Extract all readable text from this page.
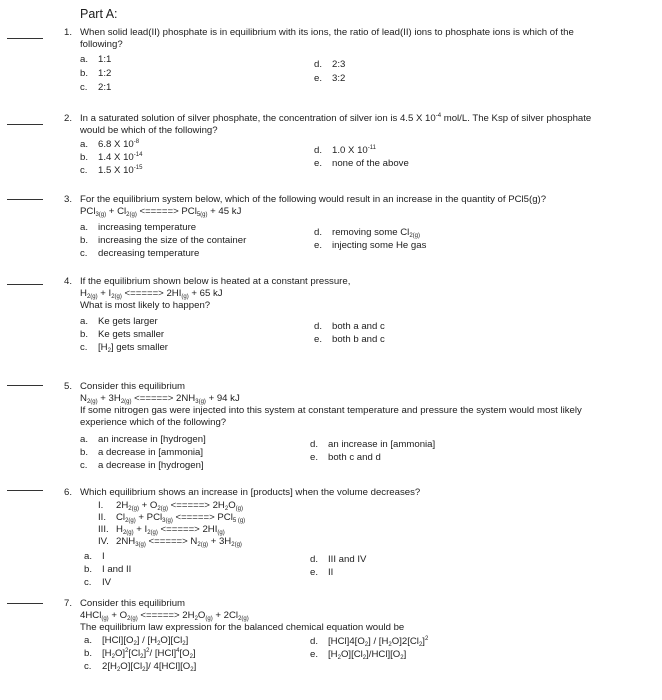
Part A:
1. When solid lead(II) phosphate is in equilibrium with its ions, the ratio of lead(II) ions to phosphate ions is which of the
following?
a. 1:1
b. 1:2
c. 2:1
d. 2:3
e. 3:2
2. In a saturated solution of silver phosphate, the concentration of silver ion is 4.5 X $10^{-4}$ mol/L. The Ksp of silver phosphate
would be which of the following?
a. 6.8 X $10^{-8}$
b. 1.4 X $10^{-14}$
c. 1.5 X $10^{-15}$
d. 1.0 X $10^{-11}$
e. none of the above
3. For the equilibrium system below, which of the following would result in an increase in the quantity of PCl5(g)?
$PCl_{3(g)} + Cl_{2(g)}$ <=====> PCl$_{5(g)}$ + 45 kJ
a. increasing temperature
b. increasing the size of the container
c. decreasing temperature
d. removing some $Cl_{2(g)}$
e. injecting some He gas
4. If the equilibrium shown below is heated at a constant pressure,
$H_{2(g)} + I_{2(g)}$ <=====> $2HI_{(g)} + 65$ kJ
What is most likely to happen?
a. Ke gets larger
b. Ke gets smaller
c. $[H_2]$ gets smaller
d. both a and c
e. both b and c
5. Consider this equilibrium
$N_{2(g)} + 3H_{2(g)}$ <=====> $2NH_{3(g)} + 94$ kJ
If some nitrogen gas were injected into this system at constant temperature and pressure the system would most likely
experience which of the following?
a. an increase in [hydrogen]
b. a decrease in [ammonia]
c. a decrease in [hydrogen]
d. an increase in [ammonia]
e. both c and d
6. Which equilibrium shows an increase in [products] when the volume decreases?
I. $2H_{2(g)} + O_{2(g)}$ <=====> $2H_2O_{(g)}$
II. $Cl_{2(g)} + PCl_{3(g)}$ <=====> PCl$_{5 (g)}$
III. $H_{2(g)} + I_{2(g)}$ <=====> $2HI_{(g)}$
IV. $2NH_{3(g)}$ <=====> $N_{2(g)} + 3H_{2(g)}$
a. I
b. I and II
c. IV
d. III and IV
e. II
7. Consider this equilibrium
$4HCl_{(g)} + O_{2(g)}$ <=====> $2H_2O_{(g)} + 2Cl_{2(g)}$
The equilibrium law expression for the balanced chemical equation would be
a. $[HCl][O_2] / [H_2O][Cl_2]$
b. $[H_2O]^2[Cl_2]^2/$ $[HCl]^4[O_2]$
c. $2[H_2O][Cl_2]/$ $4[HCl][O_2]$
d. $[HCl]4[O_2] / [H_2O]2[Cl_2]^2$
e. $[H_2O][Cl_2]/HCl][O_2]$
